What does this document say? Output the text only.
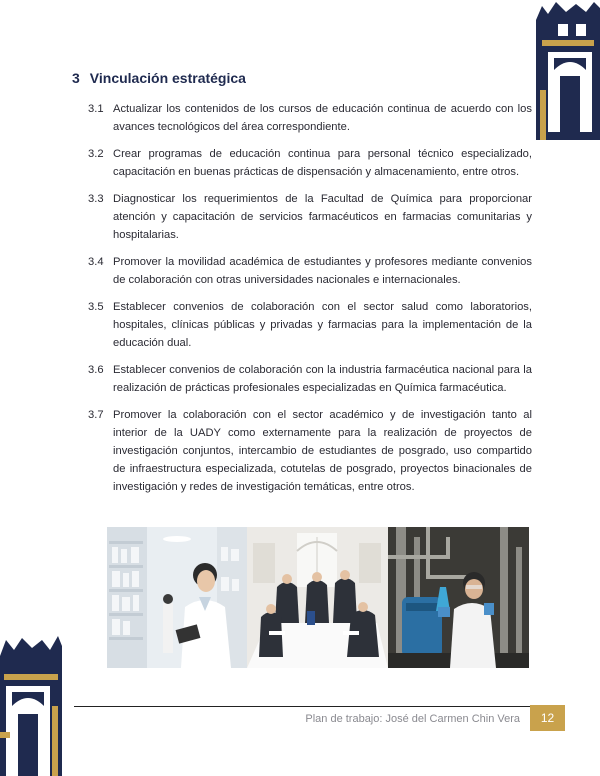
3 Vinculación estratégica
3.1 Actualizar los contenidos de los cursos de educación continua de acuerdo con los avances tecnológicos del área correspondiente.
3.2 Crear programas de educación continua para personal técnico especializado, capacitación en buenas prácticas de dispensación y almacenamiento, entre otros.
3.3 Diagnosticar los requerimientos de la Facultad de Química para proporcionar atención y capacitación de servicios farmacéuticos en farmacias comunitarias y hospitalarias.
3.4 Promover la movilidad académica de estudiantes y profesores mediante convenios de colaboración con otras universidades nacionales e internacionales.
3.5 Establecer convenios de colaboración con el sector salud como laboratorios, hospitales, clínicas públicas y privadas y farmacias para la implementación de la educación dual.
3.6 Establecer convenios de colaboración con la industria farmacéutica nacional para la realización de prácticas profesionales especializadas en Química farmacéutica.
3.7 Promover la colaboración con el sector académico y de investigación tanto al interior de la UADY como externamente para la realización de proyectos de investigación conjuntos, intercambio de estudiantes de posgrado, uso compartido de infraestructura especializada, cotutelas de posgrado, proyectos binacionales de investigación y redes de investigación temáticas, entre otros.
Plan de trabajo: José del Carmen Chin Vera	12
